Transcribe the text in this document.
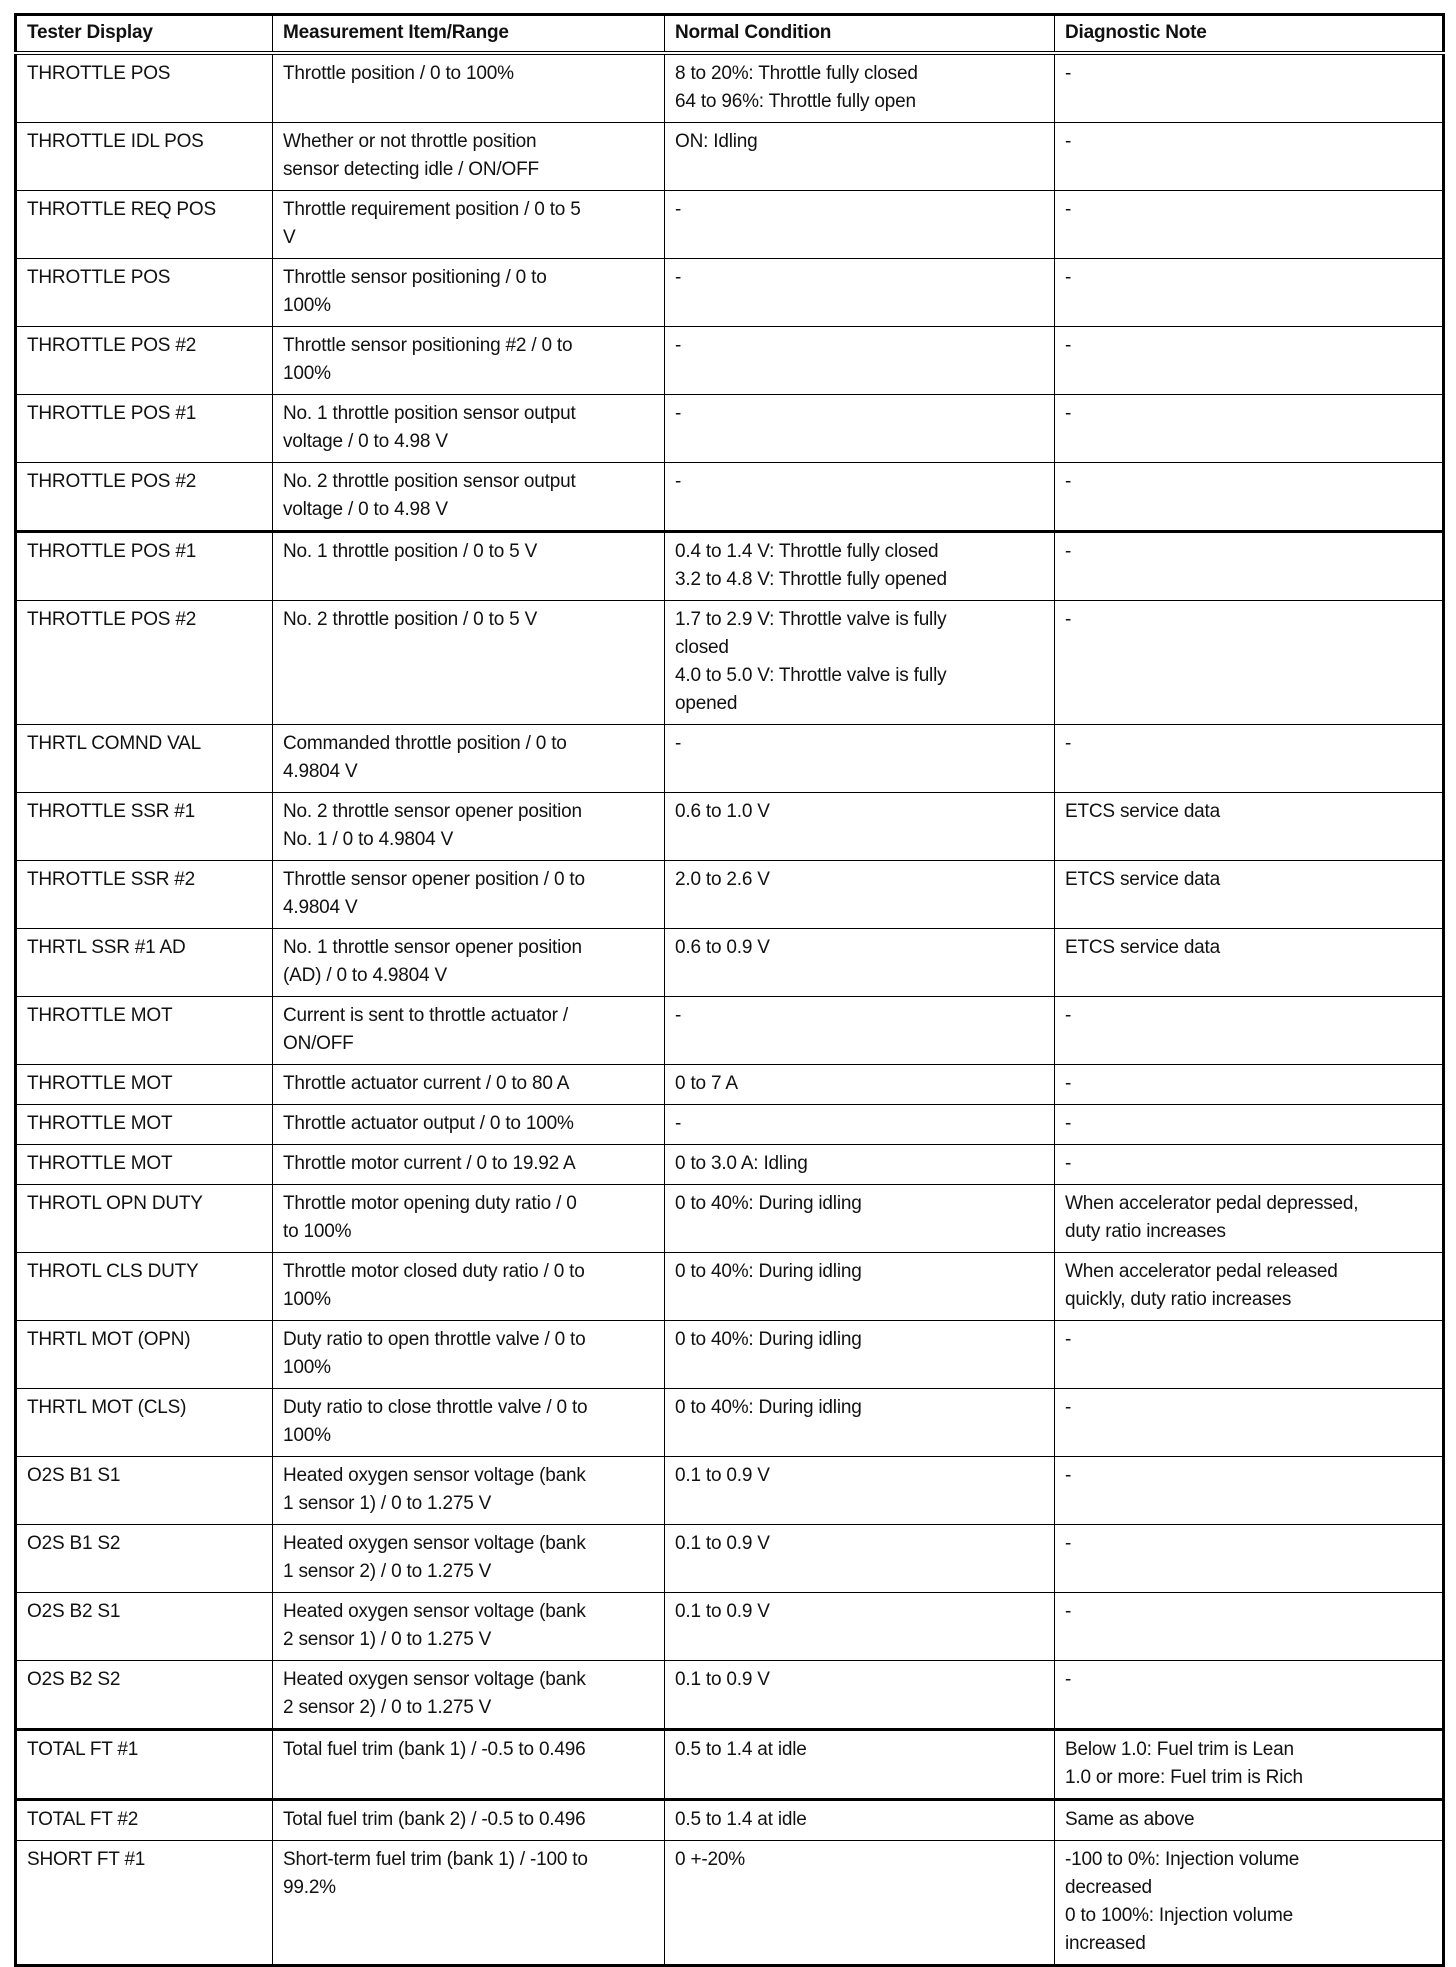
Tester Display	Measurement Item/Range	Normal Condition	Diagnostic Note
THROTTLE POS	Throttle position / 0 to 100%	8 to 20%: Throttle fully closed
64 to 96%: Throttle fully open	-
THROTTLE IDL POS	Whether or not throttle position
sensor detecting idle / ON/OFF	ON: Idling	-
THROTTLE REQ POS	Throttle requirement position / 0 to 5
V	-	-
THROTTLE POS	Throttle sensor positioning / 0 to
100%	-	-
THROTTLE POS #2	Throttle sensor positioning #2 / 0 to
100%	-	-
THROTTLE POS #1	No. 1 throttle position sensor output
voltage / 0 to 4.98 V	-	-
THROTTLE POS #2	No. 2 throttle position sensor output
voltage / 0 to 4.98 V	-	-
THROTTLE POS #1	No. 1 throttle position / 0 to 5 V	0.4 to 1.4 V: Throttle fully closed
3.2 to 4.8 V: Throttle fully opened	-
THROTTLE POS #2	No. 2 throttle position / 0 to 5 V	1.7 to 2.9 V: Throttle valve is fully
closed
4.0 to 5.0 V: Throttle valve is fully
opened	-
THRTL COMND VAL	Commanded throttle position / 0 to
4.9804 V	-	-
THROTTLE SSR #1	No. 2 throttle sensor opener position
No. 1 / 0 to 4.9804 V	0.6 to 1.0 V	ETCS service data
THROTTLE SSR #2	Throttle sensor opener position / 0 to
4.9804 V	2.0 to 2.6 V	ETCS service data
THRTL SSR #1 AD	No. 1 throttle sensor opener position
(AD) / 0 to 4.9804 V	0.6 to 0.9 V	ETCS service data
THROTTLE MOT	Current is sent to throttle actuator /
ON/OFF	-	-
THROTTLE MOT	Throttle actuator current / 0 to 80 A	0 to 7 A	-
THROTTLE MOT	Throttle actuator output / 0 to 100%	-	-
THROTTLE MOT	Throttle motor current / 0 to 19.92 A	0 to 3.0 A: Idling	-
THROTL OPN DUTY	Throttle motor opening duty ratio / 0
to 100%	0 to 40%: During idling	When accelerator pedal depressed,
duty ratio increases
THROTL CLS DUTY	Throttle motor closed duty ratio / 0 to
100%	0 to 40%: During idling	When accelerator pedal released
quickly, duty ratio increases
THRTL MOT (OPN)	Duty ratio to open throttle valve / 0 to
100%	0 to 40%: During idling	-
THRTL MOT (CLS)	Duty ratio to close throttle valve / 0 to
100%	0 to 40%: During idling	-
O2S B1 S1	Heated oxygen sensor voltage (bank
1 sensor 1) / 0 to 1.275 V	0.1 to 0.9 V	-
O2S B1 S2	Heated oxygen sensor voltage (bank
1 sensor 2) / 0 to 1.275 V	0.1 to 0.9 V	-
O2S B2 S1	Heated oxygen sensor voltage (bank
2 sensor 1) / 0 to 1.275 V	0.1 to 0.9 V	-
O2S B2 S2	Heated oxygen sensor voltage (bank
2 sensor 2) / 0 to 1.275 V	0.1 to 0.9 V	-
TOTAL FT #1	Total fuel trim (bank 1) / -0.5 to 0.496	0.5 to 1.4 at idle	Below 1.0: Fuel trim is Lean
1.0 or more: Fuel trim is Rich
TOTAL FT #2	Total fuel trim (bank 2) / -0.5 to 0.496	0.5 to 1.4 at idle	Same as above
SHORT FT #1	Short-term fuel trim (bank 1) / -100 to
99.2%	0 +-20%	-100 to 0%: Injection volume
decreased
0 to 100%: Injection volume
increased
